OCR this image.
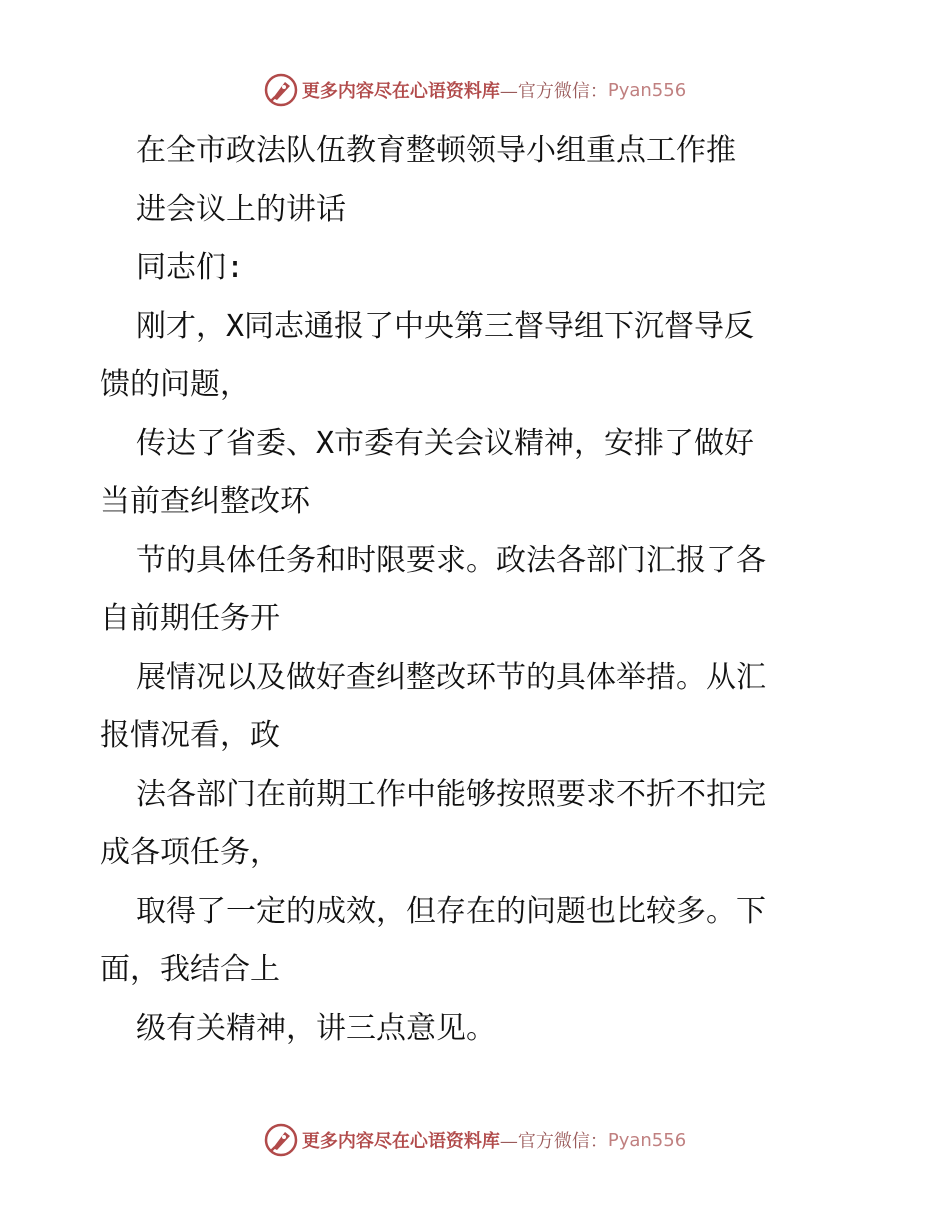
更多内容尽在心语资料库 —官方微信： Pyan556
在全市政法队伍教育整顿领导小组重点工作推
进会议上的讲话
同志们:
刚才，X同志通报了中央第三督导组下沉督导反
馈的问题，
传达了省委、X市委有关会议精神，安排了做好
当前查纠整改环
节的具体任务和时限要求。政法各部门汇报了各
自前期任务开
展情况以及做好查纠整改环节的具体举措。从汇
报情况看，政
法各部门在前期工作中能够按照要求不折不扣完
成各项任务，
取得了一定的成效，但存在的问题也比较多。下
面，我结合上
级有关精神，讲三点意见。
更多内容尽在心语资料库 —官方微信： Pyan556
